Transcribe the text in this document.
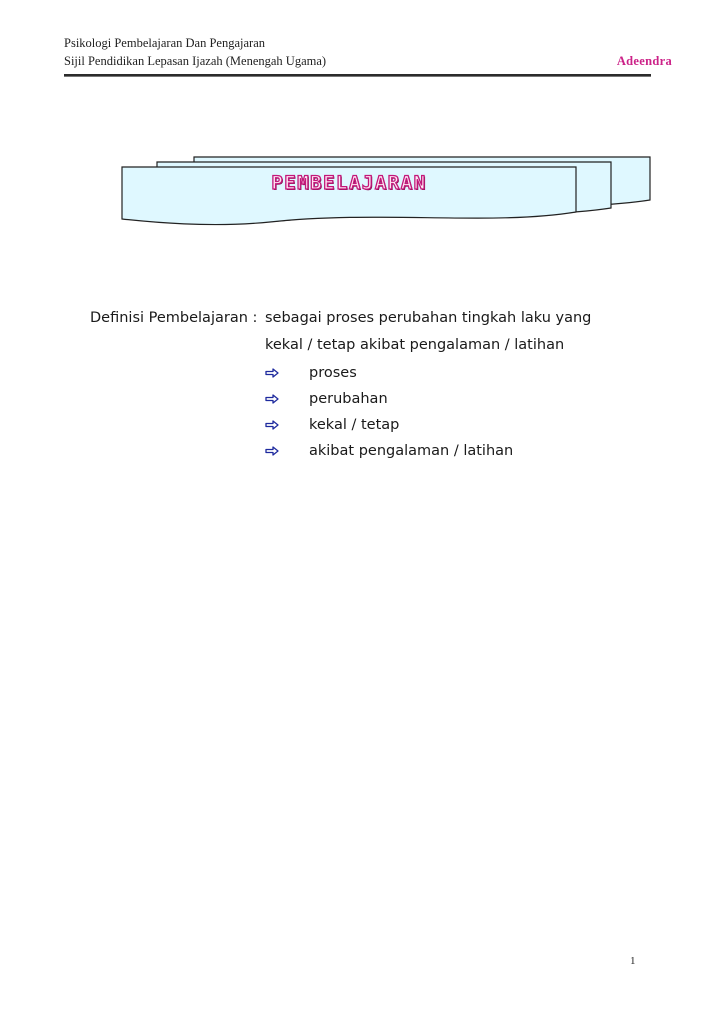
Psikologi Pembelajaran Dan Pengajaran
Sijil Pendidikan Lepasan Ijazah (Menengah Ugama)	Adeendra
PEMBELAJARAN
Definisi Pembelajaran : sebagai proses perubahan tingkah laku yang
kekal / tetap akibat pengalaman / latihan
proses
perubahan
kekal / tetap
akibat pengalaman / latihan
1
